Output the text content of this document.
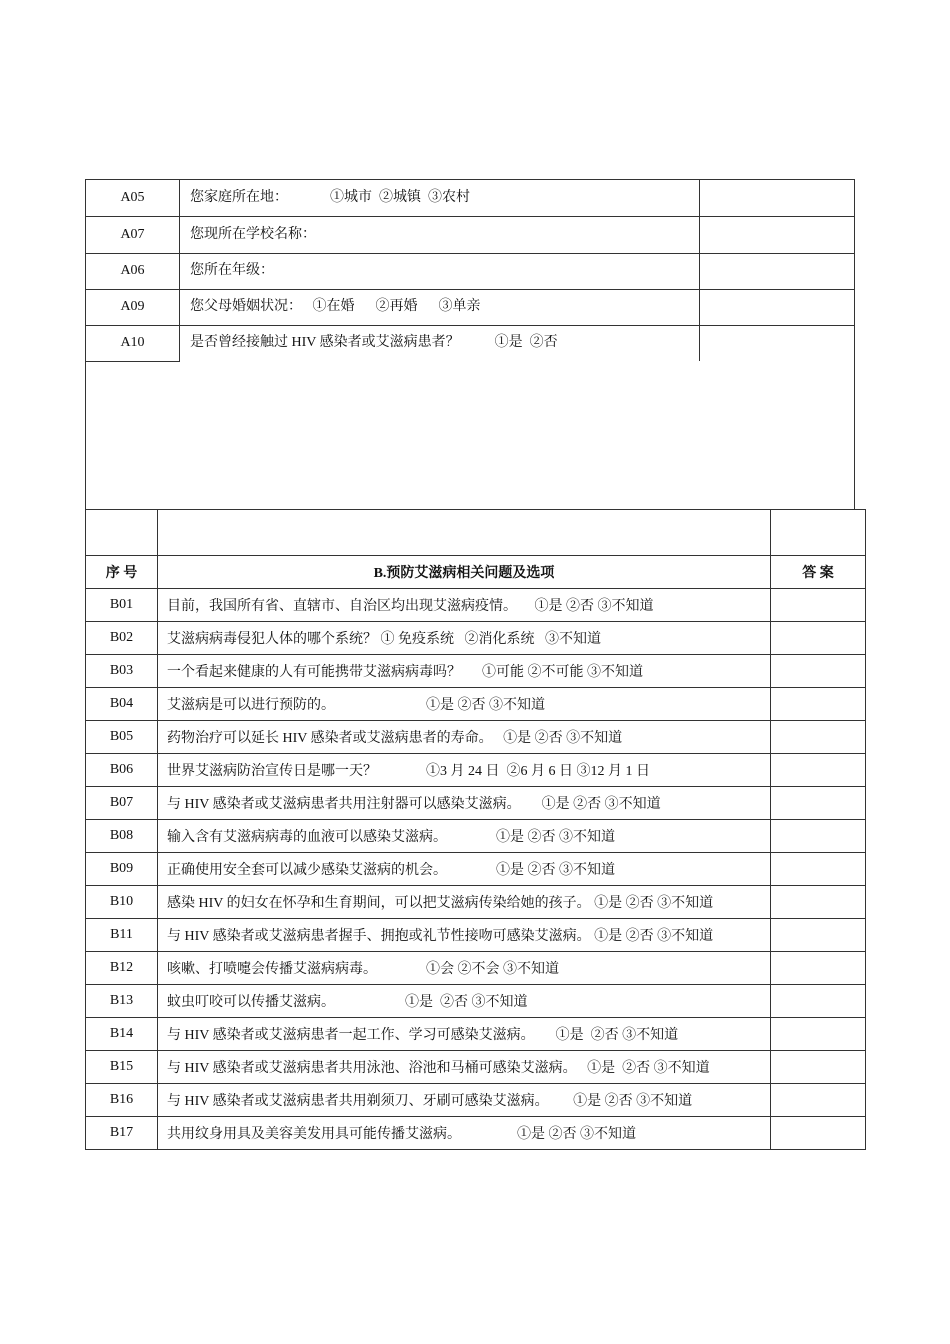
A05	您家庭所在地：            ①城市  ②城镇  ③农村
A07	您现所在学校名称：
A06	您所在年级：
A09	您父母婚姻状况：   ①在婚      ②再婚      ③单亲
A10	是否曾经接触过 HIV 感染者或艾滋病患者？          ①是  ②否

序 号	B.预防艾滋病相关问题及选项	答 案
B01	目前，我国所有省、直辖市、自治区均出现艾滋病疫情。     ①是 ②否 ③不知道	
B02	艾滋病病毒侵犯人体的哪个系统？ ① 免疫系统   ②消化系统   ③不知道	
B03	一个看起来健康的人有可能携带艾滋病病毒吗？      ①可能 ②不可能 ③不知道	
B04	艾滋病是可以进行预防的。                          ①是 ②否 ③不知道	
B05	药物治疗可以延长 HIV 感染者或艾滋病患者的寿命。   ①是 ②否 ③不知道	
B06	世界艾滋病防治宣传日是哪一天？              ①3 月 24 日  ②6 月 6 日 ③12 月 1 日	
B07	与 HIV 感染者或艾滋病患者共用注射器可以感染艾滋病。      ①是 ②否 ③不知道	
B08	输入含有艾滋病病毒的血液可以感染艾滋病。              ①是 ②否 ③不知道	
B09	正确使用安全套可以减少感染艾滋病的机会。              ①是 ②否 ③不知道	
B10	感染 HIV 的妇女在怀孕和生育期间，可以把艾滋病传染给她的孩子。 ①是 ②否 ③不知道	
B11	与 HIV 感染者或艾滋病患者握手、拥抱或礼节性接吻可感染艾滋病。 ①是 ②否 ③不知道	
B12	咳嗽、打喷嚏会传播艾滋病病毒。              ①会 ②不会 ③不知道	
B13	蚊虫叮咬可以传播艾滋病。                    ①是  ②否 ③不知道	
B14	与 HIV 感染者或艾滋病患者一起工作、学习可感染艾滋病。      ①是  ②否 ③不知道	
B15	与 HIV 感染者或艾滋病患者共用泳池、浴池和马桶可感染艾滋病。   ①是  ②否 ③不知道	
B16	与 HIV 感染者或艾滋病患者共用剃须刀、牙刷可感染艾滋病。       ①是 ②否 ③不知道	
B17	共用纹身用具及美容美发用具可能传播艾滋病。                ①是 ②否 ③不知道	
